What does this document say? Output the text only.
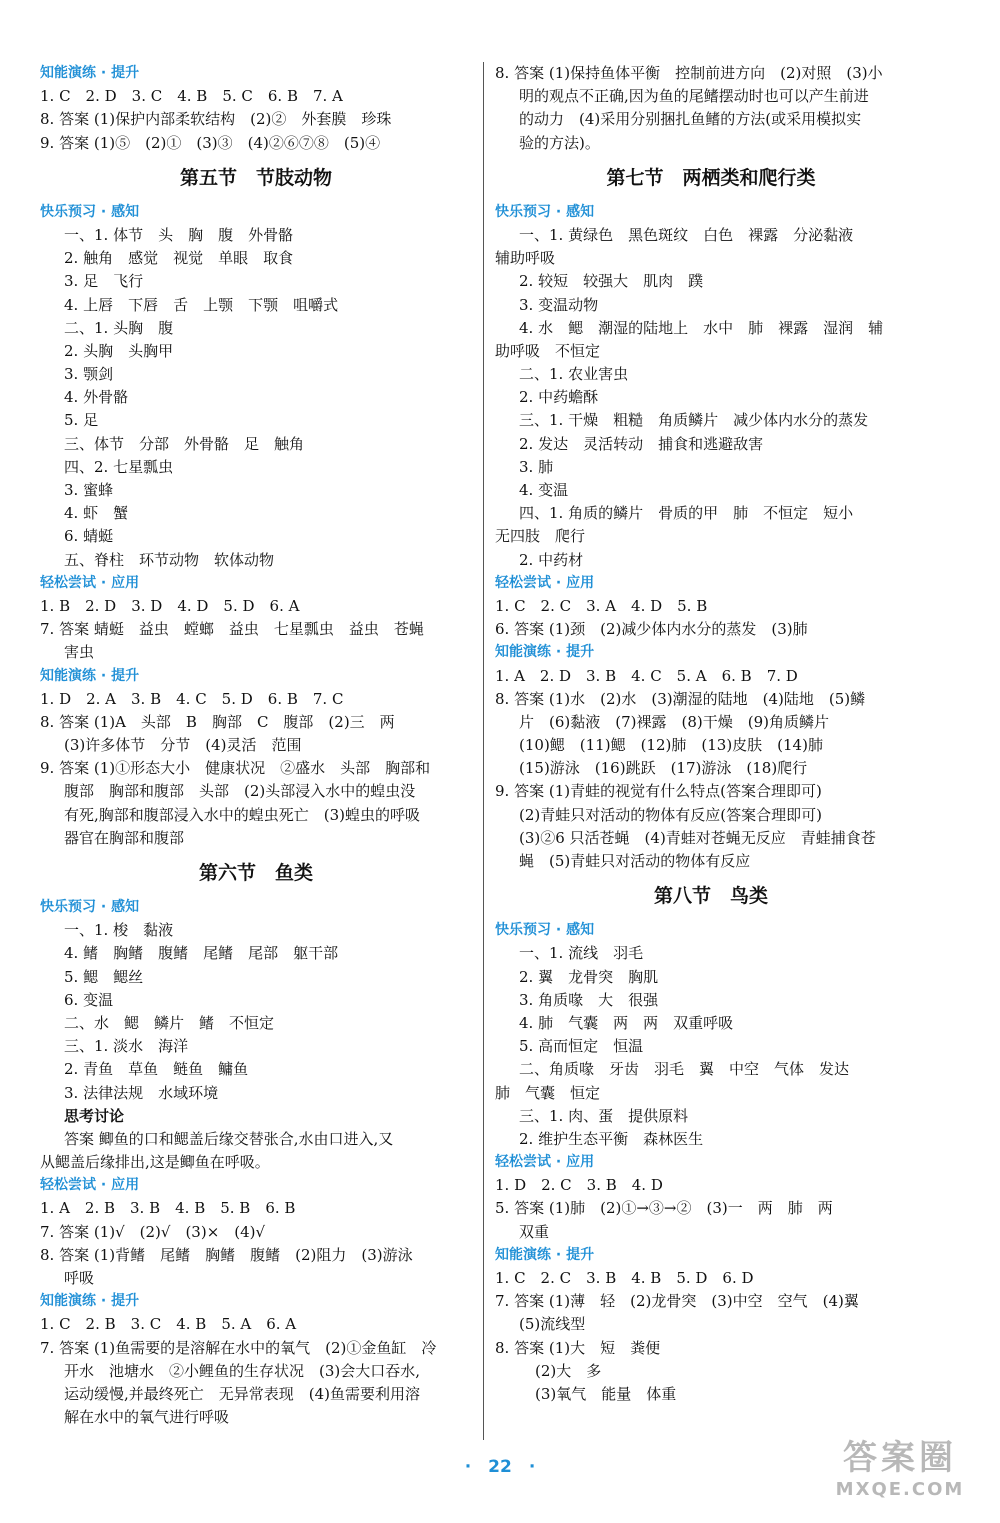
知能演练 · 提升
1. C　2. D　3. C　4. B　5. C　6. B　7. A
8. 答案 (1)保护内部柔软结构　(2)②　外套膜　珍珠
9. 答案 (1)⑤　(2)①　(3)③　(4)②⑥⑦⑧　(5)④
第五节　节肢动物
快乐预习 · 感知
一、1. 体节　头　胸　腹　外骨骼
2. 触角　感觉　视觉　单眼　取食
3. 足　飞行
4. 上唇　下唇　舌　上颚　下颚　咀嚼式
二、1. 头胸　腹
2. 头胸　头胸甲
3. 颚剑
4. 外骨骼
5. 足
三、体节　分部　外骨骼　足　触角
四、2. 七星瓢虫
3. 蜜蜂
4. 虾　蟹
6. 蜻蜓
五、脊柱　环节动物　软体动物
轻松尝试 · 应用
1. B　2. D　3. D　4. D　5. D　6. A
7. 答案 蜻蜓　益虫　螳螂　益虫　七星瓢虫　益虫　苍蝇
害虫
知能演练 · 提升
1. D　2. A　3. B　4. C　5. D　6. B　7. C
8. 答案 (1)A　头部　B　胸部　C　腹部　(2)三　两
(3)许多体节　分节　(4)灵活　范围
9. 答案 (1)①形态大小　健康状况　②盛水　头部　胸部和
腹部　胸部和腹部　头部　(2)头部浸入水中的蝗虫没
有死,胸部和腹部浸入水中的蝗虫死亡　(3)蝗虫的呼吸
器官在胸部和腹部
第六节　鱼类
快乐预习 · 感知
一、1. 梭　黏液
4. 鳍　胸鳍　腹鳍　尾鳍　尾部　躯干部
5. 鳃　鳃丝
6. 变温
二、水　鳃　鳞片　鳍　不恒定
三、1. 淡水　海洋
2. 青鱼　草鱼　鲢鱼　鳙鱼
3. 法律法规　水域环境
思考讨论
答案 鲫鱼的口和鳃盖后缘交替张合,水由口进入,又
从鳃盖后缘排出,这是鲫鱼在呼吸。
轻松尝试 · 应用
1. A　2. B　3. B　4. B　5. B　6. B
7. 答案 (1)√　(2)√　(3)×　(4)√
8. 答案 (1)背鳍　尾鳍　胸鳍　腹鳍　(2)阻力　(3)游泳
呼吸
知能演练 · 提升
1. C　2. B　3. C　4. B　5. A　6. A
7. 答案 (1)鱼需要的是溶解在水中的氧气　(2)①金鱼缸　冷
开水　池塘水　②小鲤鱼的生存状况　(3)会大口吞水,
运动缓慢,并最终死亡　无异常表现　(4)鱼需要利用溶
解在水中的氧气进行呼吸
8. 答案 (1)保持鱼体平衡　控制前进方向　(2)对照　(3)小
明的观点不正确,因为鱼的尾鳍摆动时也可以产生前进
的动力　(4)采用分别捆扎鱼鳍的方法(或采用模拟实
验的方法)。
第七节　两栖类和爬行类
快乐预习 · 感知
一、1. 黄绿色　黑色斑纹　白色　裸露　分泌黏液
辅助呼吸
2. 较短　较强大　肌肉　蹼
3. 变温动物
4. 水　鳃　潮湿的陆地上　水中　肺　裸露　湿润　辅
助呼吸　不恒定
二、1. 农业害虫
2. 中药蟾酥
三、1. 干燥　粗糙　角质鳞片　减少体内水分的蒸发
2. 发达　灵活转动　捕食和逃避敌害
3. 肺
4. 变温
四、1. 角质的鳞片　骨质的甲　肺　不恒定　短小
无四肢　爬行
2. 中药材
轻松尝试 · 应用
1. C　2. C　3. A　4. D　5. B
6. 答案 (1)颈　(2)减少体内水分的蒸发　(3)肺
知能演练 · 提升
1. A　2. D　3. B　4. C　5. A　6. B　7. D
8. 答案 (1)水　(2)水　(3)潮湿的陆地　(4)陆地　(5)鳞
片　(6)黏液　(7)裸露　(8)干燥　(9)角质鳞片
(10)鳃　(11)鳃　(12)肺　(13)皮肤　(14)肺
(15)游泳　(16)跳跃　(17)游泳　(18)爬行
9. 答案 (1)青蛙的视觉有什么特点(答案合理即可)
(2)青蛙只对活动的物体有反应(答案合理即可)
(3)②6 只活苍蝇　(4)青蛙对苍蝇无反应　青蛙捕食苍
蝇　(5)青蛙只对活动的物体有反应
第八节　鸟类
快乐预习 · 感知
一、1. 流线　羽毛
2. 翼　龙骨突　胸肌
3. 角质喙　大　很强
4. 肺　气囊　两　两　双重呼吸
5. 高而恒定　恒温
二、角质喙　牙齿　羽毛　翼　中空　气体　发达
肺　气囊　恒定
三、1. 肉、蛋　提供原料
2. 维护生态平衡　森林医生
轻松尝试 · 应用
1. D　2. C　3. B　4. D
5. 答案 (1)肺　(2)①→③→②　(3)一　两　肺　两
双重
知能演练 · 提升
1. C　2. C　3. B　4. B　5. D　6. D
7. 答案 (1)薄　轻　(2)龙骨突　(3)中空　空气　(4)翼
(5)流线型
8. 答案 (1)大　短　粪便
(2)大　多
(3)氧气　能量　体重
·　22　·	答案圈
MXQE.COM
